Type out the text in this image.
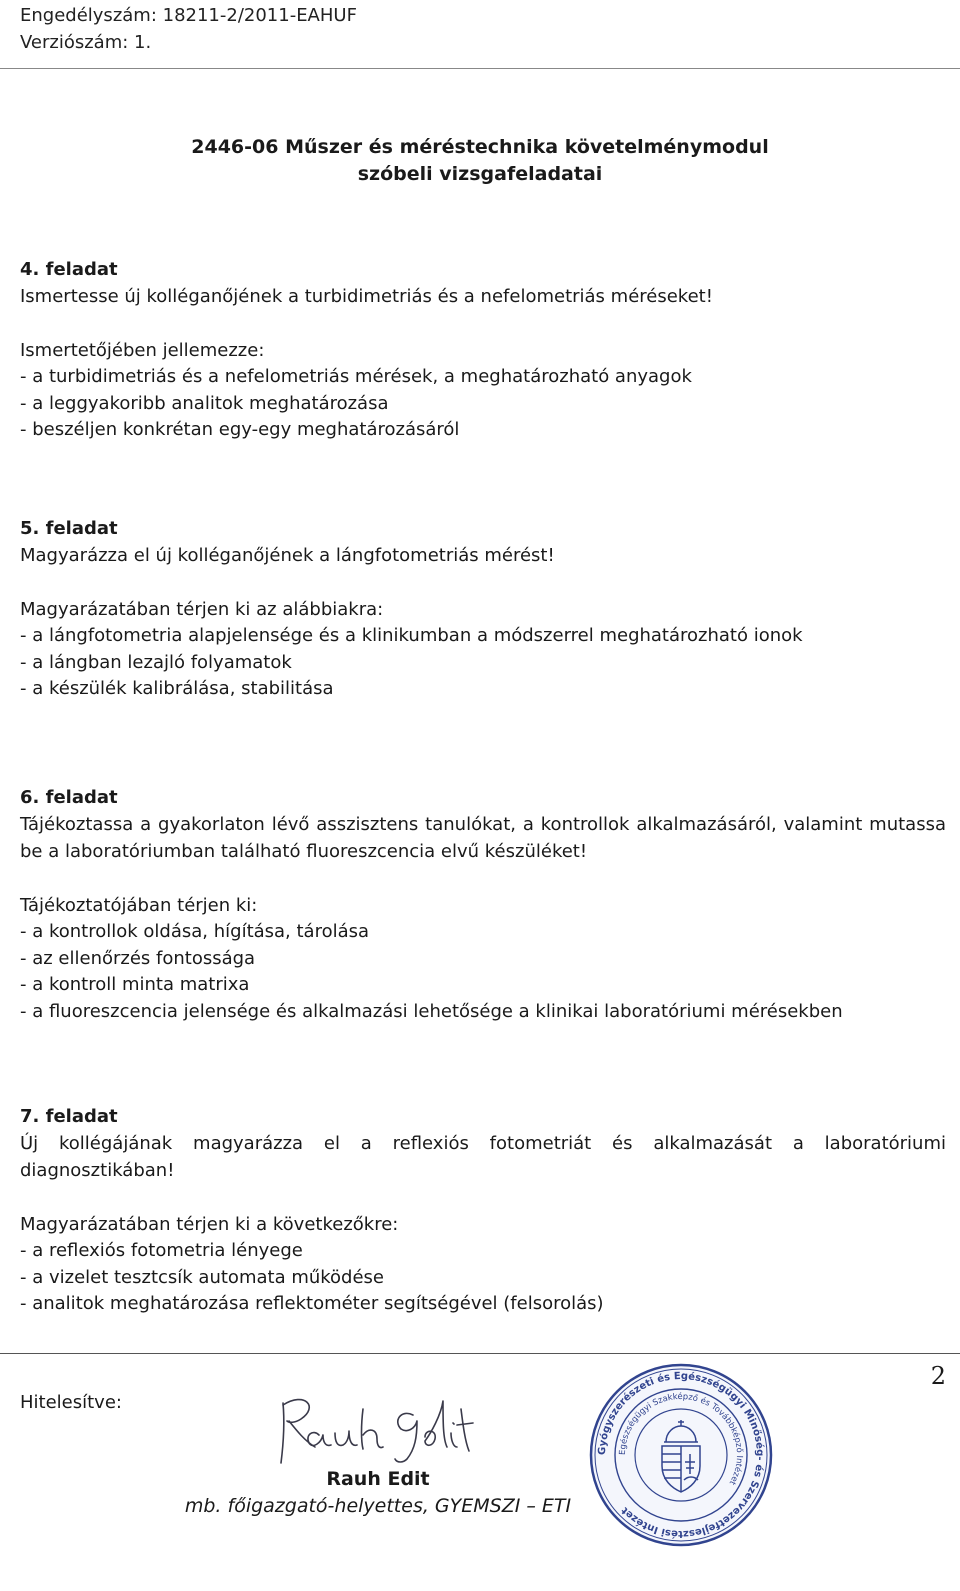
Engedélyszám: 18211-2/2011-EAHUF
Verziószám: 1.
2446-06 Műszer és méréstechnika követelménymodul
szóbeli vizsgafeladatai
4. feladat
Ismertesse új kolléganőjének a turbidimetriás és a nefelometriás méréseket!
Ismertetőjében jellemezze:
- a turbidimetriás és a nefelometriás mérések, a meghatározható anyagok
- a leggyakoribb analitok meghatározása
- beszéljen konkrétan egy-egy meghatározásáról
5. feladat
Magyarázza el új kolléganőjének a lángfotometriás mérést!
Magyarázatában térjen ki az alábbiakra:
- a lángfotometria alapjelensége és a klinikumban a módszerrel meghatározható ionok
- a lángban lezajló folyamatok
- a készülék kalibrálása, stabilitása
6. feladat
Tájékoztassa a gyakorlaton lévő asszisztens tanulókat, a kontrollok alkalmazásáról, valamint mutassa be a laboratóriumban található fluoreszcencia elvű készüléket!
Tájékoztatójában térjen ki:
- a kontrollok oldása, hígítása, tárolása
- az ellenőrzés fontossága
- a kontroll minta matrixa
- a fluoreszcencia jelensége és alkalmazási lehetősége a klinikai laboratóriumi mérésekben
7. feladat
Új kollégájának magyarázza el a reflexiós fotometriát és alkalmazását a laboratóriumi diagnosztikában!
Magyarázatában térjen ki a következőkre:
- a reflexiós fotometria lényege
- a vizelet tesztcsík automata működése
- analitok meghatározása reflektométer segítségével (felsorolás)
2
Hitelesítve:
Rauh Edit
mb. főigazgató-helyettes, GYEMSZI – ETI
Gyógyszerészeti és Egészségügyi Minőség- és Szervezetfejlesztési Intézet
Egészségügyi Szakképző és Továbbképző Intézet
